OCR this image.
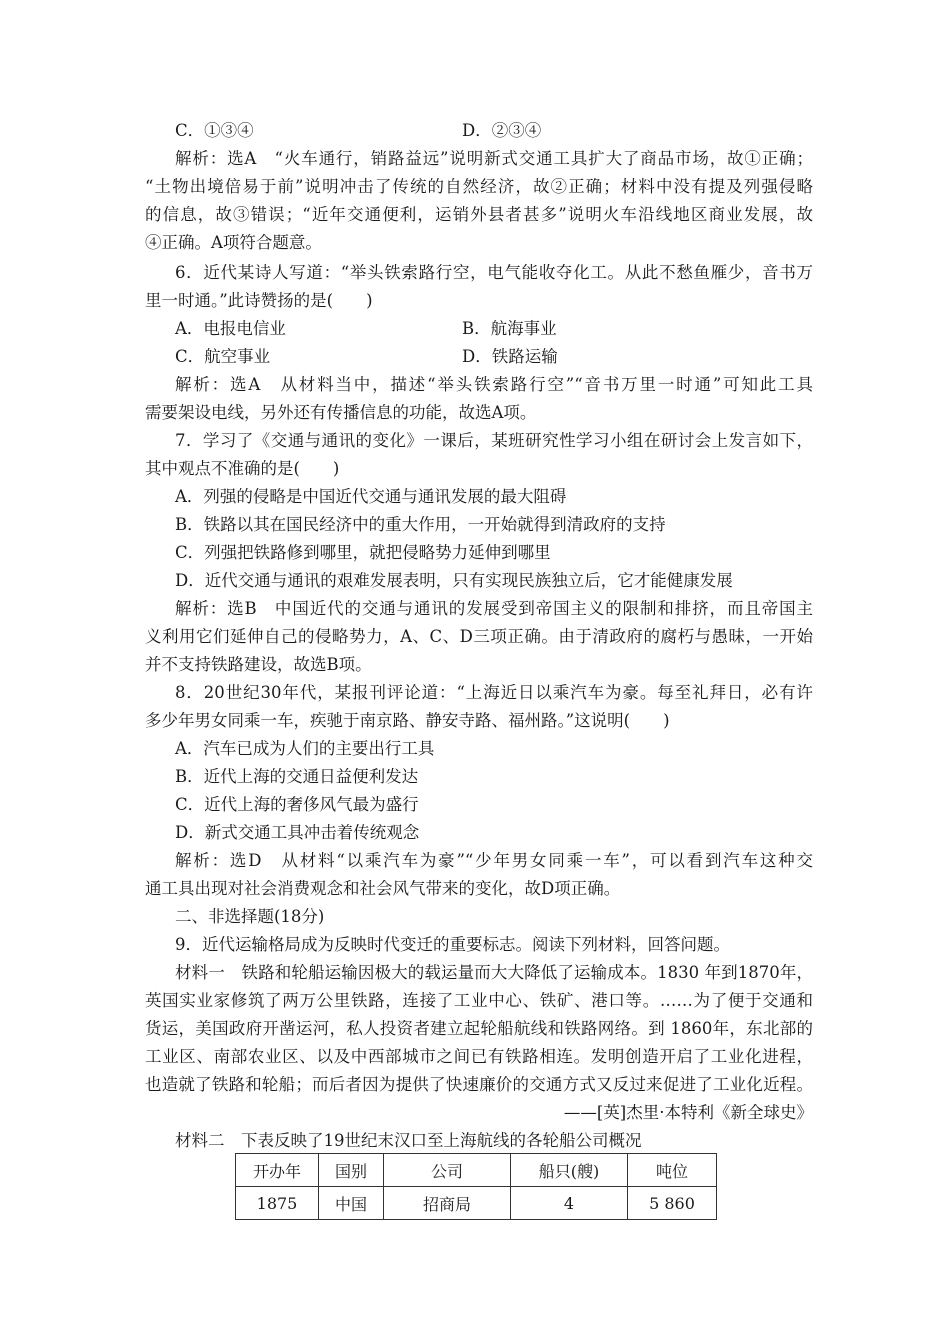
C．①③④	D．②③④
解析：选A　“火车通行，销路益远”说明新式交通工具扩大了商品市场，故①正确；
“土物出境倍易于前”说明冲击了传统的自然经济，故②正确；材料中没有提及列强侵略
的信息，故③错误；“近年交通便利，运销外县者甚多”说明火车沿线地区商业发展，故
④正确。A项符合题意。
6．近代某诗人写道：“举头铁索路行空，电气能收夺化工。从此不愁鱼雁少，音书万
里一时通。”此诗赞扬的是(　　)
A．电报电信业	B．航海事业
C．航空事业	D．铁路运输
解析：选A　从材料当中，描述“举头铁索路行空”“音书万里一时通”可知此工具
需要架设电线，另外还有传播信息的功能，故选A项。
7．学习了《交通与通讯的变化》一课后，某班研究性学习小组在研讨会上发言如下，
其中观点不准确的是(　　)
A．列强的侵略是中国近代交通与通讯发展的最大阻碍
B．铁路以其在国民经济中的重大作用，一开始就得到清政府的支持
C．列强把铁路修到哪里，就把侵略势力延伸到哪里
D．近代交通与通讯的艰难发展表明，只有实现民族独立后，它才能健康发展
解析：选B　中国近代的交通与通讯的发展受到帝国主义的限制和排挤，而且帝国主
义利用它们延伸自己的侵略势力，A、C、D三项正确。由于清政府的腐朽与愚昧，一开始
并不支持铁路建设，故选B项。
8．20世纪30年代，某报刊评论道：“上海近日以乘汽车为豪。每至礼拜日，必有许
多少年男女同乘一车，疾驰于南京路、静安寺路、福州路。”这说明(　　)
A．汽车已成为人们的主要出行工具
B．近代上海的交通日益便利发达
C．近代上海的奢侈风气最为盛行
D．新式交通工具冲击着传统观念
解析：选D　从材料“以乘汽车为豪”“少年男女同乘一车”，可以看到汽车这种交
通工具出现对社会消费观念和社会风气带来的变化，故D项正确。
二、非选择题(18分)
9．近代运输格局成为反映时代变迁的重要标志。阅读下列材料，回答问题。
材料一　铁路和轮船运输因极大的载运量而大大降低了运输成本。1830 年到1870年，
英国实业家修筑了两万公里铁路，连接了工业中心、铁矿、港口等。……为了便于交通和
货运，美国政府开凿运河，私人投资者建立起轮船航线和铁路网络。到 1860年，东北部的
工业区、南部农业区、以及中西部城市之间已有铁路相连。发明创造开启了工业化进程，
也造就了铁路和轮船；而后者因为提供了快速廉价的交通方式又反过来促进了工业化近程。
——[英]杰里·本特利《新全球史》
材料二　下表反映了19世纪末汉口至上海航线的各轮船公司概况
开办年	国别	公司	船只(艘)	吨位
1875	中国	招商局	4	5 860
